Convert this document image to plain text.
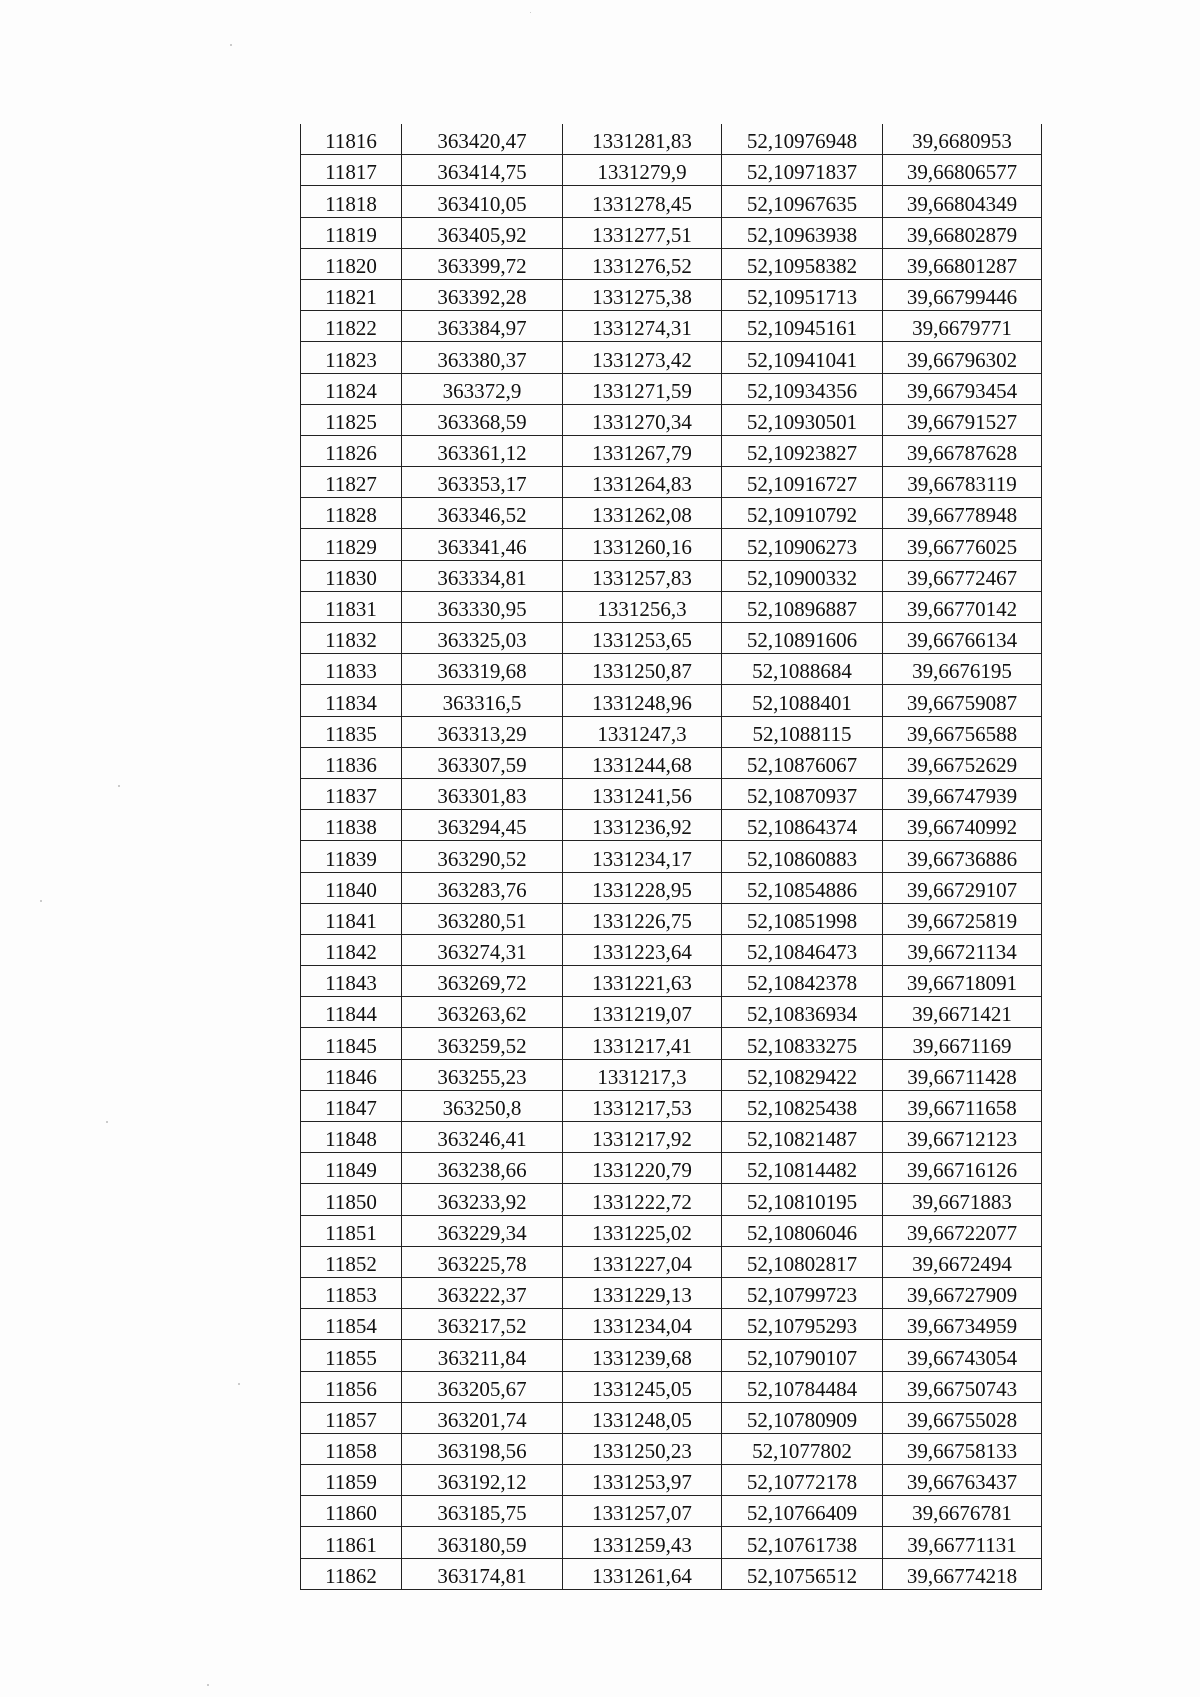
11816	363420,47	1331281,83	52,10976948	39,6680953
11817	363414,75	1331279,9	52,10971837	39,66806577
11818	363410,05	1331278,45	52,10967635	39,66804349
11819	363405,92	1331277,51	52,10963938	39,66802879
11820	363399,72	1331276,52	52,10958382	39,66801287
11821	363392,28	1331275,38	52,10951713	39,66799446
11822	363384,97	1331274,31	52,10945161	39,6679771
11823	363380,37	1331273,42	52,10941041	39,66796302
11824	363372,9	1331271,59	52,10934356	39,66793454
11825	363368,59	1331270,34	52,10930501	39,66791527
11826	363361,12	1331267,79	52,10923827	39,66787628
11827	363353,17	1331264,83	52,10916727	39,66783119
11828	363346,52	1331262,08	52,10910792	39,66778948
11829	363341,46	1331260,16	52,10906273	39,66776025
11830	363334,81	1331257,83	52,10900332	39,66772467
11831	363330,95	1331256,3	52,10896887	39,66770142
11832	363325,03	1331253,65	52,10891606	39,66766134
11833	363319,68	1331250,87	52,1088684	39,6676195
11834	363316,5	1331248,96	52,1088401	39,66759087
11835	363313,29	1331247,3	52,1088115	39,66756588
11836	363307,59	1331244,68	52,10876067	39,66752629
11837	363301,83	1331241,56	52,10870937	39,66747939
11838	363294,45	1331236,92	52,10864374	39,66740992
11839	363290,52	1331234,17	52,10860883	39,66736886
11840	363283,76	1331228,95	52,10854886	39,66729107
11841	363280,51	1331226,75	52,10851998	39,66725819
11842	363274,31	1331223,64	52,10846473	39,66721134
11843	363269,72	1331221,63	52,10842378	39,66718091
11844	363263,62	1331219,07	52,10836934	39,6671421
11845	363259,52	1331217,41	52,10833275	39,6671169
11846	363255,23	1331217,3	52,10829422	39,66711428
11847	363250,8	1331217,53	52,10825438	39,66711658
11848	363246,41	1331217,92	52,10821487	39,66712123
11849	363238,66	1331220,79	52,10814482	39,66716126
11850	363233,92	1331222,72	52,10810195	39,6671883
11851	363229,34	1331225,02	52,10806046	39,66722077
11852	363225,78	1331227,04	52,10802817	39,6672494
11853	363222,37	1331229,13	52,10799723	39,66727909
11854	363217,52	1331234,04	52,10795293	39,66734959
11855	363211,84	1331239,68	52,10790107	39,66743054
11856	363205,67	1331245,05	52,10784484	39,66750743
11857	363201,74	1331248,05	52,10780909	39,66755028
11858	363198,56	1331250,23	52,1077802	39,66758133
11859	363192,12	1331253,97	52,10772178	39,66763437
11860	363185,75	1331257,07	52,10766409	39,6676781
11861	363180,59	1331259,43	52,10761738	39,66771131
11862	363174,81	1331261,64	52,10756512	39,66774218
